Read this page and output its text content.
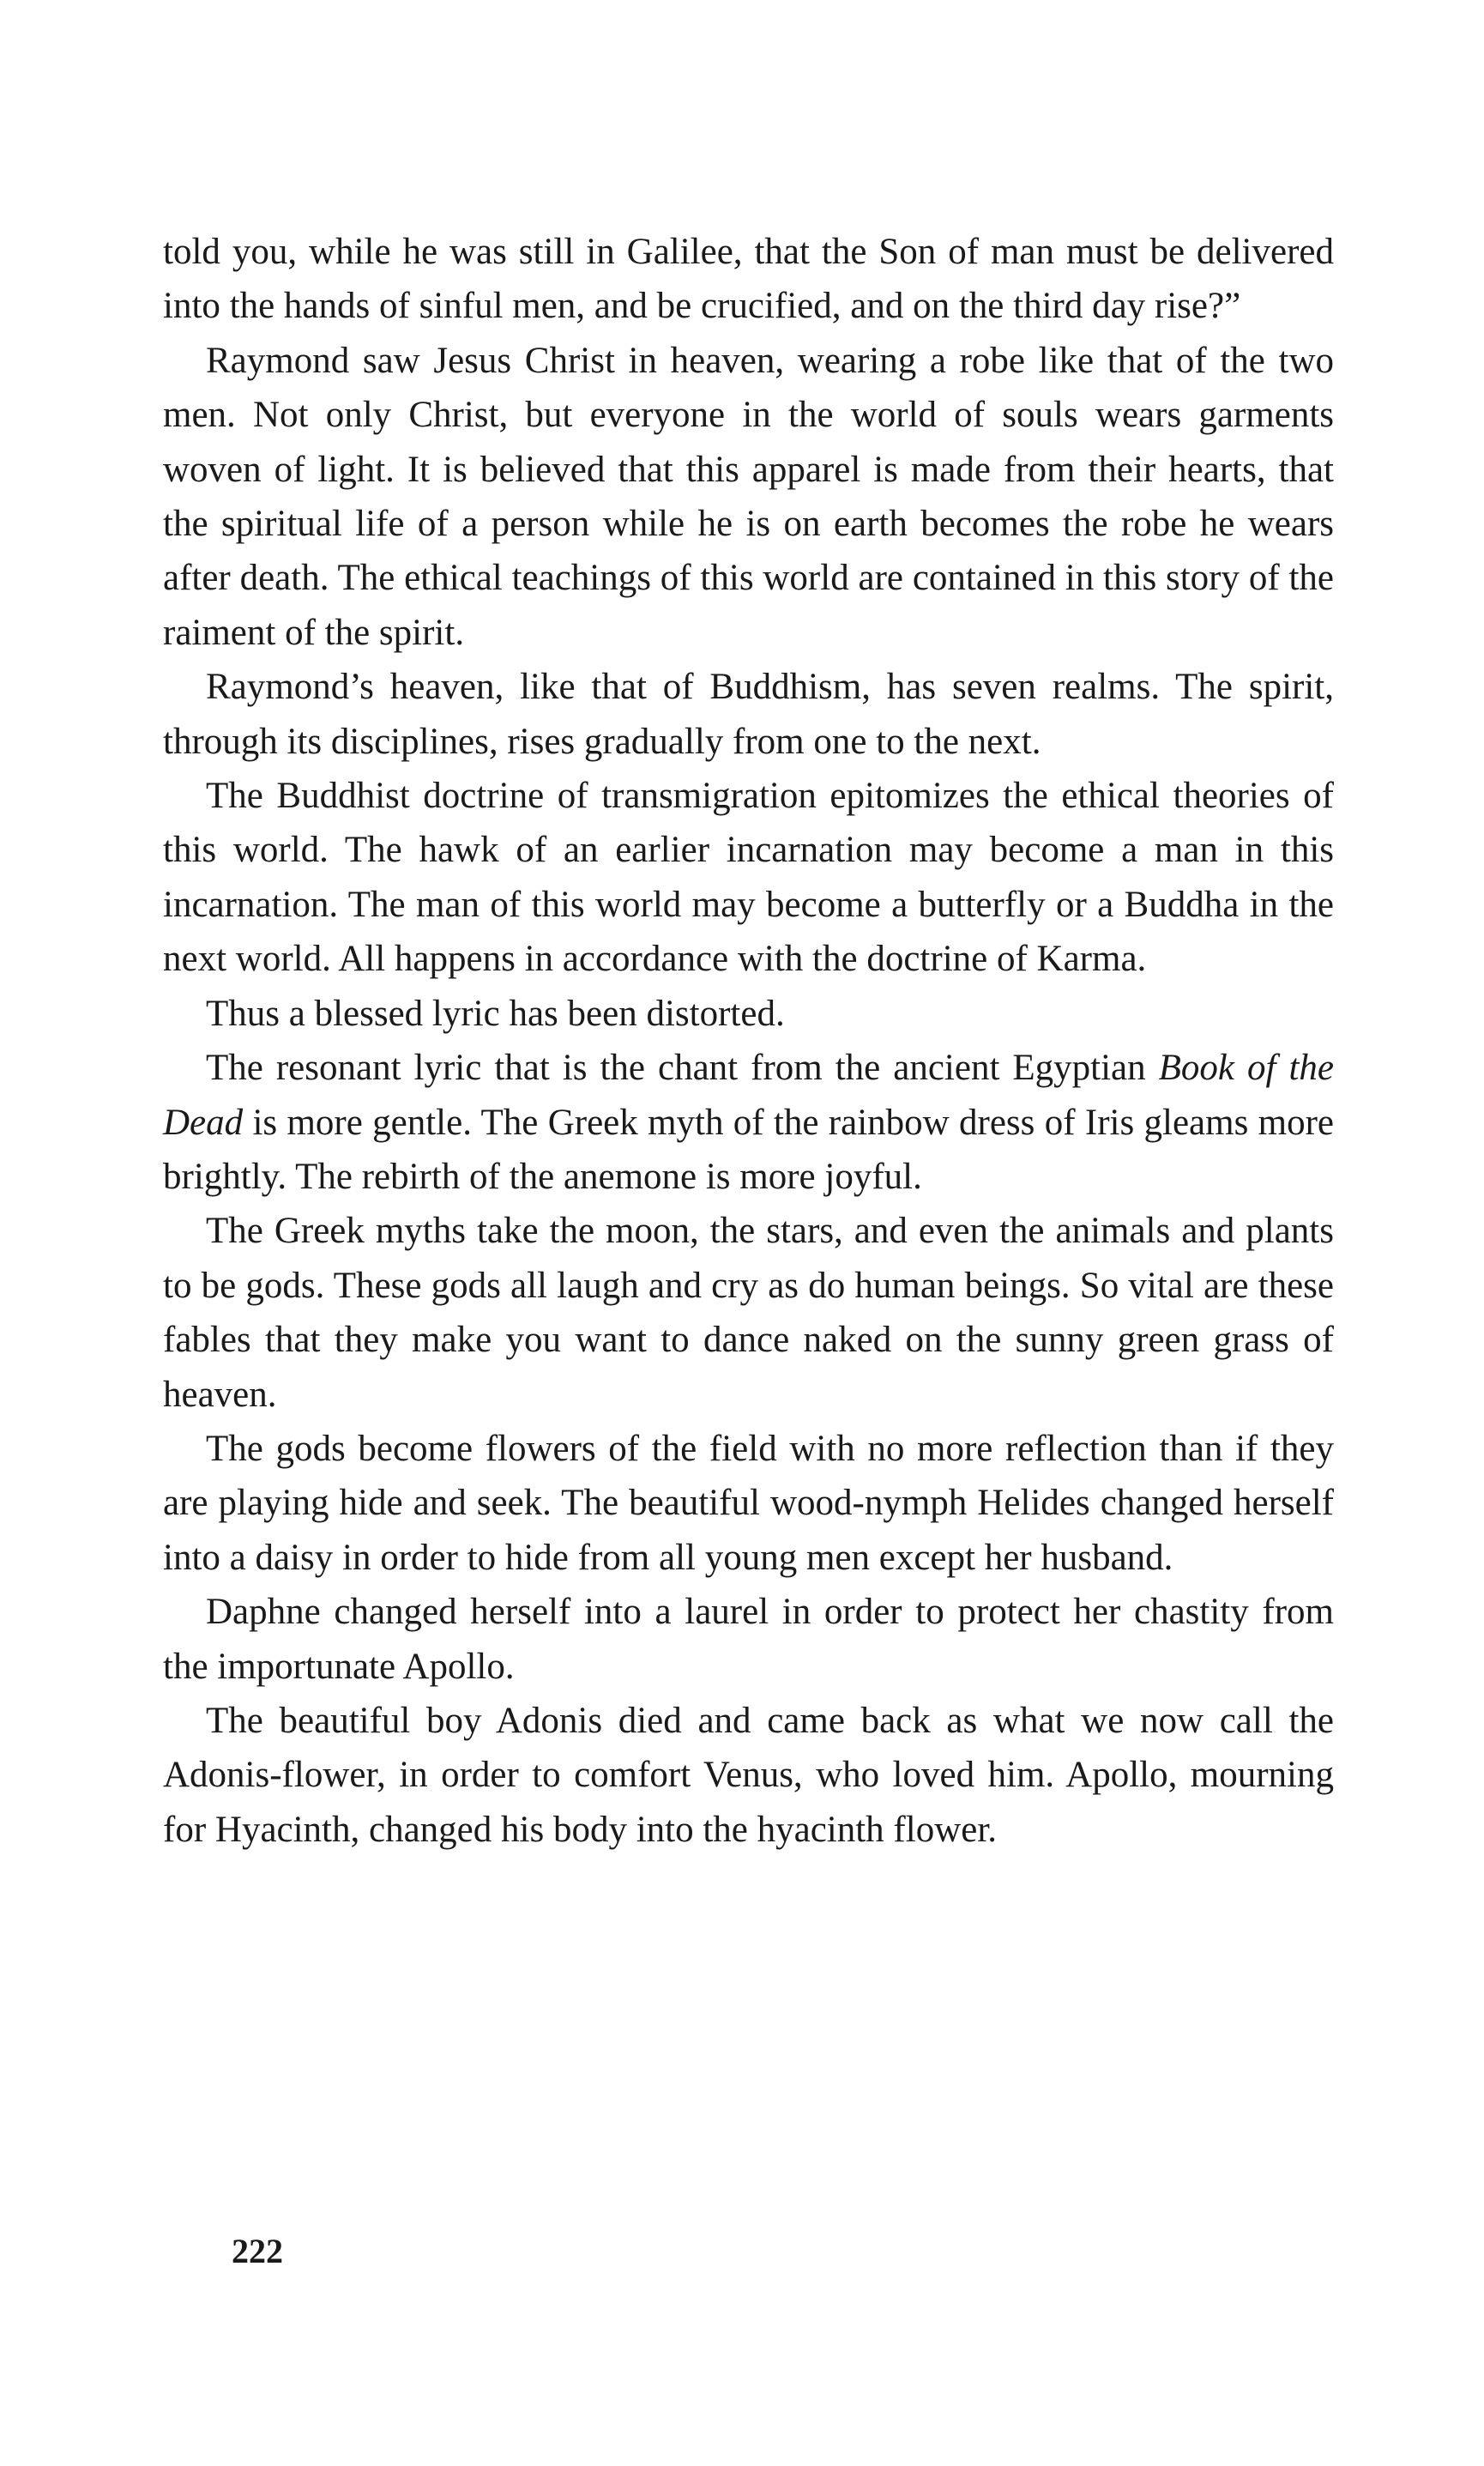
told you, while he was still in Galilee, that the Son of man must be delivered into the hands of sinful men, and be crucified, and on the third day rise?”

Raymond saw Jesus Christ in heaven, wearing a robe like that of the two men. Not only Christ, but everyone in the world of souls wears garments woven of light. It is believed that this apparel is made from their hearts, that the spiritual life of a person while he is on earth becomes the robe he wears after death. The ethical teachings of this world are contained in this story of the raiment of the spirit.

Raymond’s heaven, like that of Buddhism, has seven realms. The spirit, through its disciplines, rises gradually from one to the next.

The Buddhist doctrine of transmigration epitomizes the ethical theories of this world. The hawk of an earlier incarnation may become a man in this incarnation. The man of this world may become a butterfly or a Buddha in the next world. All happens in accordance with the doctrine of Karma.

Thus a blessed lyric has been distorted.

The resonant lyric that is the chant from the ancient Egyptian Book of the Dead is more gentle. The Greek myth of the rainbow dress of Iris gleams more brightly. The rebirth of the anemone is more joyful.

The Greek myths take the moon, the stars, and even the animals and plants to be gods. These gods all laugh and cry as do human beings. So vital are these fables that they make you want to dance naked on the sunny green grass of heaven.

The gods become flowers of the field with no more reflection than if they are playing hide and seek. The beautiful wood-nymph Helides changed herself into a daisy in order to hide from all young men except her husband.

Daphne changed herself into a laurel in order to protect her chastity from the importunate Apollo.

The beautiful boy Adonis died and came back as what we now call the Adonis-flower, in order to comfort Venus, who loved him. Apollo, mourning for Hyacinth, changed his body into the hyacinth flower.

222
